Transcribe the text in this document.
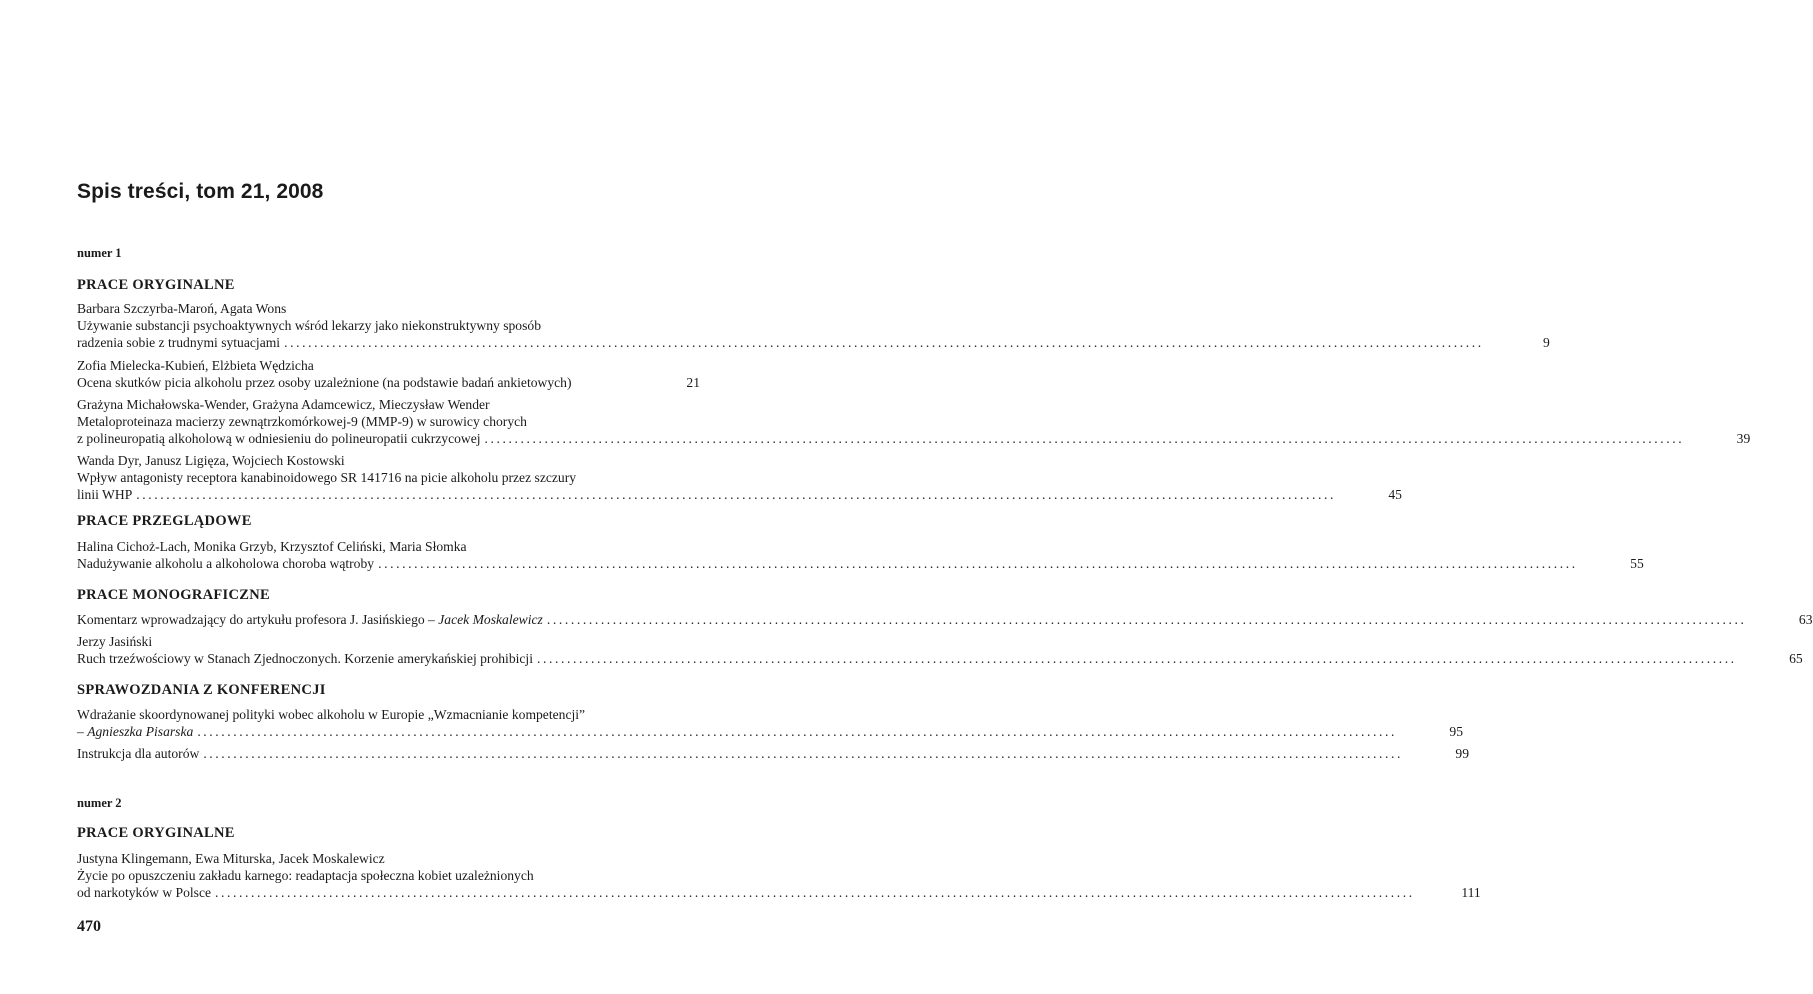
Spis treści, tom 21, 2008
numer 1
PRACE ORYGINALNE
Barbara Szczyrba-Maroń, Agata Wons
Używanie substancji psychoaktywnych wśród lekarzy jako niekonstruktywny sposób
radzenia sobie z trudnymi sytuacjami ........................................................................................................................................................................................................	9
Zofia Mielecka-Kubień, Elżbieta Wędzicha
Ocena skutków picia alkoholu przez osoby uzależnione (na podstawie badań ankietowych)	21
Grażyna Michałowska-Wender, Grażyna Adamcewicz, Mieczysław Wender
Metaloproteinaza macierzy zewnątrzkomórkowej-9 (MMP-9) w surowicy chorych
z polineuropatią alkoholową w odniesieniu do polineuropatii cukrzycowej ........................................................................................................................................................................................................	39
Wanda Dyr, Janusz Ligięza, Wojciech Kostowski
Wpływ antagonisty receptora kanabinoidowego SR 141716 na picie alkoholu przez szczury
linii WHP ........................................................................................................................................................................................................	45
PRACE PRZEGLĄDOWE
Halina Cichoż-Lach, Monika Grzyb, Krzysztof Celiński, Maria Słomka
Nadużywanie alkoholu a alkoholowa choroba wątroby ........................................................................................................................................................................................................	55
PRACE MONOGRAFICZNE
Komentarz wprowadzający do artykułu profesora J. Jasińskiego – Jacek Moskalewicz ........................................................................................................................................................................................................	63
Jerzy Jasiński
Ruch trzeźwościowy w Stanach Zjednoczonych. Korzenie amerykańskiej prohibicji ........................................................................................................................................................................................................	65
SPRAWOZDANIA Z KONFERENCJI
Wdrażanie skoordynowanej polityki wobec alkoholu w Europie „Wzmacnianie kompetencji”
– Agnieszka Pisarska ........................................................................................................................................................................................................	95
Instrukcja dla autorów ........................................................................................................................................................................................................	99
numer 2
PRACE ORYGINALNE
Justyna Klingemann, Ewa Miturska, Jacek Moskalewicz
Życie po opuszczeniu zakładu karnego: readaptacja społeczna kobiet uzależnionych
od narkotyków w Polsce ........................................................................................................................................................................................................	111
470
